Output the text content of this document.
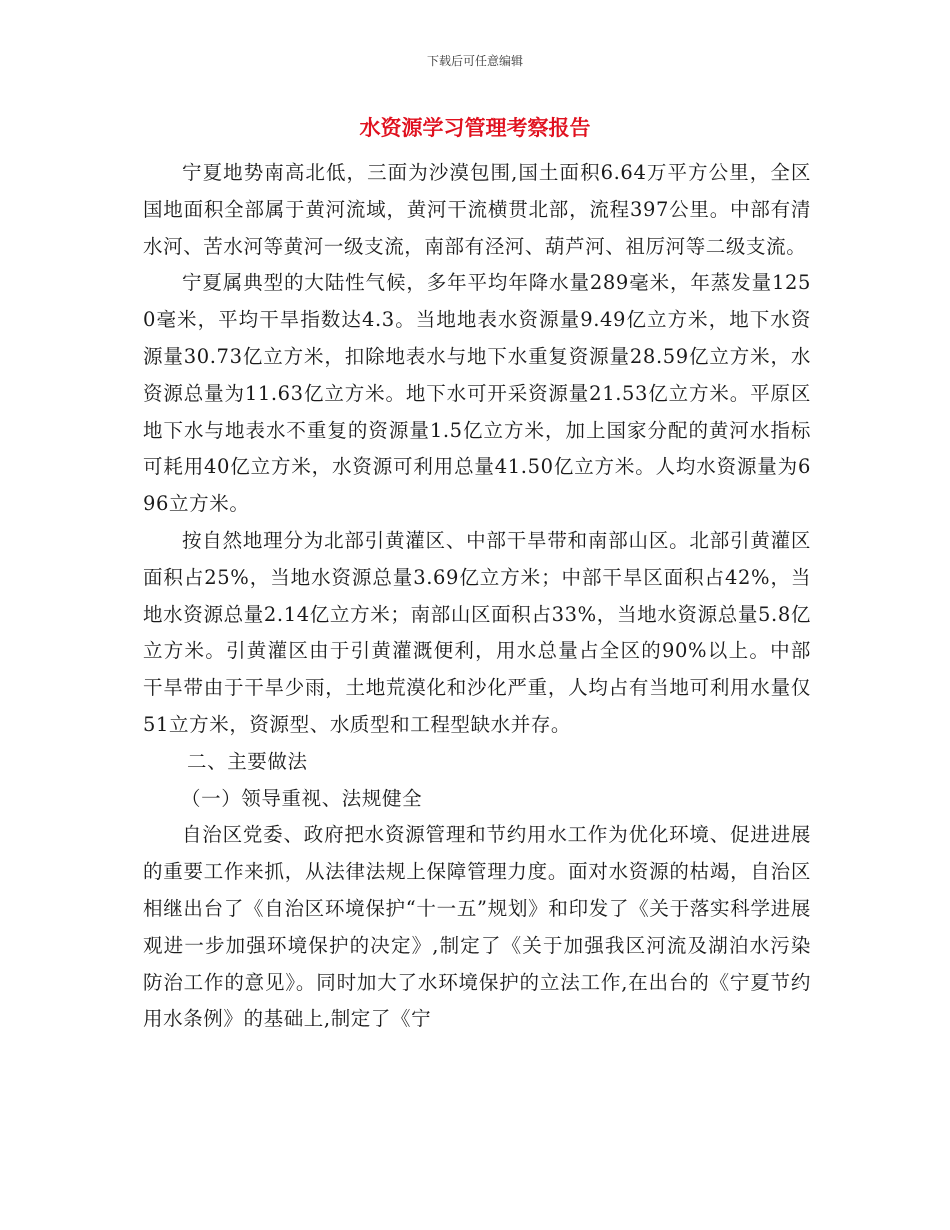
下载后可任意编辑
水资源学习管理考察报告

宁夏地势南高北低，三面为沙漠包围,国土面积6.64万平方公里，全区国地面积全部属于黄河流域，黄河干流横贯北部，流程397公里。中部有清水河、苦水河等黄河一级支流，南部有泾河、葫芦河、祖厉河等二级支流。

宁夏属典型的大陆性气候，多年平均年降水量289毫米，年蒸发量1250毫米，平均干旱指数达4.3。当地地表水资源量9.49亿立方米，地下水资源量30.73亿立方米，扣除地表水与地下水重复资源量28.59亿立方米，水资源总量为11.63亿立方米。地下水可开采资源量21.53亿立方米。平原区地下水与地表水不重复的资源量1.5亿立方米，加上国家分配的黄河水指标可耗用40亿立方米，水资源可利用总量41.50亿立方米。人均水资源量为696立方米。

按自然地理分为北部引黄灌区、中部干旱带和南部山区。北部引黄灌区面积占25%，当地水资源总量3.69亿立方米；中部干旱区面积占42%，当地水资源总量2.14亿立方米；南部山区面积占33%，当地水资源总量5.8亿立方米。引黄灌区由于引黄灌溉便利，用水总量占全区的90%以上。中部干旱带由于干旱少雨，土地荒漠化和沙化严重，人均占有当地可利用水量仅51立方米，资源型、水质型和工程型缺水并存。

二、主要做法

（一）领导重视、法规健全

自治区党委、政府把水资源管理和节约用水工作为优化环境、促进进展的重要工作来抓，从法律法规上保障管理力度。面对水资源的枯竭，自治区相继出台了《自治区环境保护“十一五”规划》和印发了《关于落实科学进展观进一步加强环境保护的决定》,制定了《关于加强我区河流及湖泊水污染防治工作的意见》。同时加大了水环境保护的立法工作,在出台的《宁夏节约用水条例》的基础上,制定了《宁
